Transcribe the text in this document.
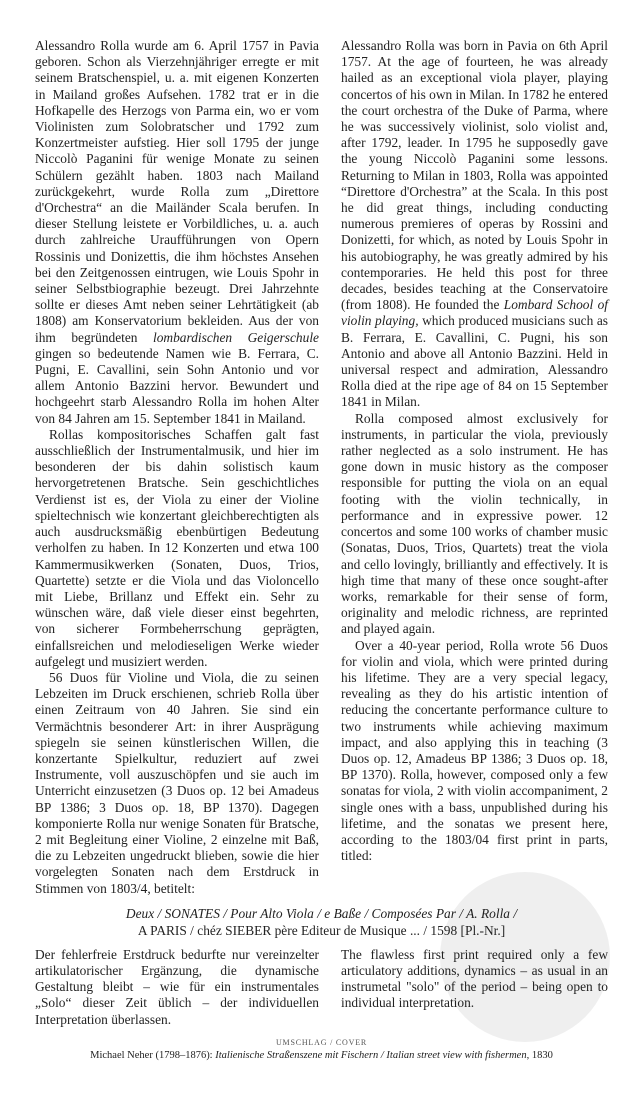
Alessandro Rolla wurde am 6. April 1757 in Pavia geboren. Schon als Vierzehnjähriger erregte er mit seinem Bratschenspiel, u. a. mit eigenen Konzerten in Mailand großes Aufsehen. 1782 trat er in die Hofkapelle des Herzogs von Parma ein, wo er vom Violinisten zum Solobratscher und 1792 zum Konzertmeister aufstieg. Hier soll 1795 der junge Niccolò Paganini für wenige Monate zu seinen Schülern gezählt haben. 1803 nach Mailand zurückgekehrt, wurde Rolla zum „Direttore d'Orchestra“ an die Mailänder Scala berufen. In dieser Stellung leistete er Vorbildliches, u. a. auch durch zahlreiche Uraufführungen von Opern Rossinis und Donizettis, die ihm höchstes Ansehen bei den Zeitgenossen eintrugen, wie Louis Spohr in seiner Selbstbiographie bezeugt. Drei Jahrzehnte sollte er dieses Amt neben seiner Lehrtätigkeit (ab 1808) am Konservatorium bekleiden. Aus der von ihm begründeten lombardischen Geigerschule gingen so bedeutende Namen wie B. Ferrara, C. Pugni, E. Cavallini, sein Sohn Antonio und vor allem Antonio Bazzini hervor. Bewundert und hochgeehrt starb Alessandro Rolla im hohen Alter von 84 Jahren am 15. September 1841 in Mailand.

Rollas kompositorisches Schaffen galt fast ausschließlich der Instrumentalmusik, und hier im besonderen der bis dahin solistisch kaum hervorgetretenen Bratsche. Sein geschichtliches Verdienst ist es, der Viola zu einer der Violine spieltechnisch wie konzertant gleichberechtigten als auch ausdrucksmäßig ebenbürtigen Bedeutung verholfen zu haben. In 12 Konzerten und etwa 100 Kammermusikwerken (Sonaten, Duos, Trios, Quartette) setzte er die Viola und das Violoncello mit Liebe, Brillanz und Effekt ein. Sehr zu wünschen wäre, daß viele dieser einst begehrten, von sicherer Formbeherrschung geprägten, einfallsreichen und melodieseligen Werke wieder aufgelegt und musiziert werden.

56 Duos für Violine und Viola, die zu seinen Lebzeiten im Druck erschienen, schrieb Rolla über einen Zeitraum von 40 Jahren. Sie sind ein Vermächtnis besonderer Art: in ihrer Ausprägung spiegeln sie seinen künstlerischen Willen, die konzertante Spielkultur, reduziert auf zwei Instrumente, voll auszuschöpfen und sie auch im Unterricht einzusetzen (3 Duos op. 12 bei Amadeus BP 1386; 3 Duos op. 18, BP 1370). Dagegen komponierte Rolla nur wenige Sonaten für Bratsche, 2 mit Begleitung einer Violine, 2 einzelne mit Baß, die zu Lebzeiten ungedruckt blieben, sowie die hier vorgelegten Sonaten nach dem Erstdruck in Stimmen von 1803/4, betitelt:

Alessandro Rolla was born in Pavia on 6th April 1757. At the age of fourteen, he was already hailed as an exceptional viola player, playing concertos of his own in Milan. In 1782 he entered the court orchestra of the Duke of Parma, where he was successively violinist, solo violist and, after 1792, leader. In 1795 he supposedly gave the young Niccolò Paganini some lessons. Returning to Milan in 1803, Rolla was appointed “Direttore d'Orchestra” at the Scala. In this post he did great things, including conducting numerous premieres of operas by Rossini and Donizetti, for which, as noted by Louis Spohr in his autobiography, he was greatly admired by his contemporaries. He held this post for three decades, besides teaching at the Conservatoire (from 1808). He founded the Lombard School of violin playing, which produced musicians such as B. Ferrara, E. Cavallini, C. Pugni, his son Antonio and above all Antonio Bazzini. Held in universal respect and admiration, Alessandro Rolla died at the ripe age of 84 on 15 September 1841 in Milan.

Rolla composed almost exclusively for instruments, in particular the viola, previously rather neglected as a solo instrument. He has gone down in music history as the composer responsible for putting the viola on an equal footing with the violin technically, in performance and in expressive power. 12 concertos and some 100 works of chamber music (Sonatas, Duos, Trios, Quartets) treat the viola and cello lovingly, brilliantly and effectively. It is high time that many of these once sought-after works, remarkable for their sense of form, originality and melodic richness, are reprinted and played again.

Over a 40-year period, Rolla wrote 56 Duos for violin and viola, which were printed during his lifetime. They are a very special legacy, revealing as they do his artistic intention of reducing the concertante performance culture to two instruments while achieving maximum impact, and also applying this in teaching (3 Duos op. 12, Amadeus BP 1386; 3 Duos op. 18, BP 1370). Rolla, however, composed only a few sonatas for viola, 2 with violin accompaniment, 2 single ones with a bass, unpublished during his lifetime, and the sonatas we present here, according to the 1803/04 first print in parts, titled:

Deux / SONATES / Pour Alto Viola / e Baße / Composées Par / A. Rolla /
A PARIS / chéz SIEBER père Editeur de Musique ... / 1598 [Pl.-Nr.]

Der fehlerfreie Erstdruck bedurfte nur vereinzelter artikulatorischer Ergänzung, die dynamische Gestaltung bleibt – wie für ein instrumentales „Solo“ dieser Zeit üblich – der individuellen Interpretation überlassen.

The flawless first print required only a few articulatory additions, dynamics – as usual in an instrumetal "solo" of the period – being open to individual interpretation.

UMSCHLAG / COVER
Michael Neher (1798–1876): Italienische Straßenszene mit Fischern / Italian street view with fishermen, 1830
